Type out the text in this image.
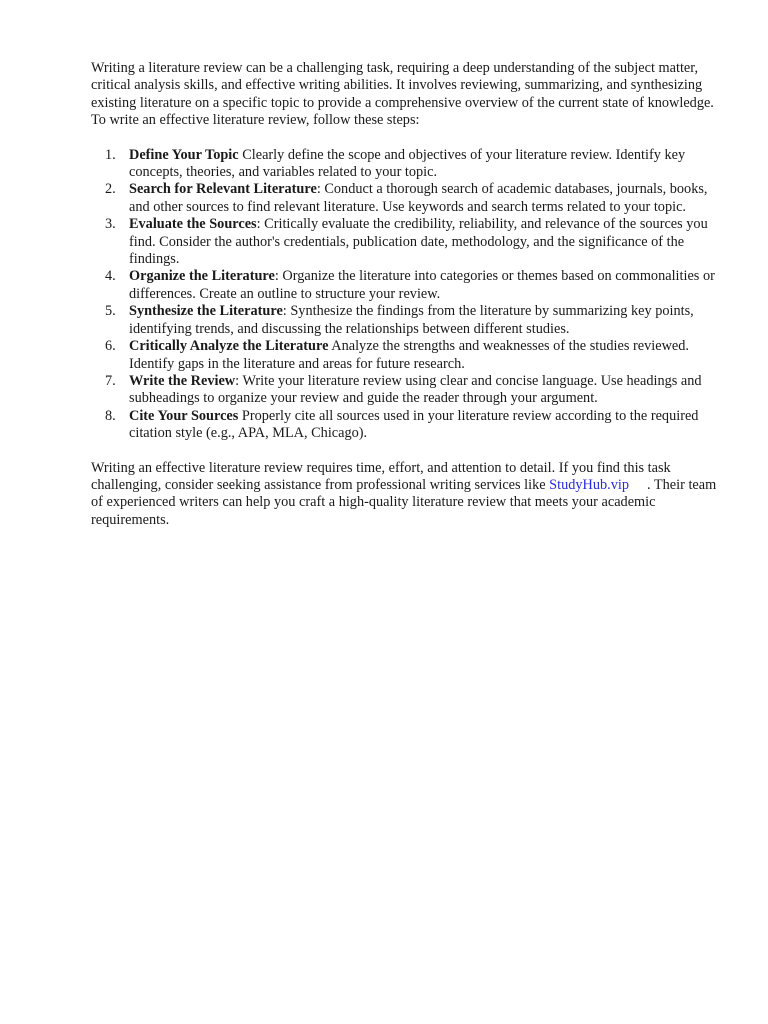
Writing a literature review can be a challenging task, requiring a deep understanding of the subject matter, critical analysis skills, and effective writing abilities. It involves reviewing, summarizing, and synthesizing existing literature on a specific topic to provide a comprehensive overview of the current state of knowledge. To write an effective literature review, follow these steps:

Define Your Topic Clearly define the scope and objectives of your literature review. Identify key concepts, theories, and variables related to your topic.
Search for Relevant Literature: Conduct a thorough search of academic databases, journals, books, and other sources to find relevant literature. Use keywords and search terms related to your topic.
Evaluate the Sources: Critically evaluate the credibility, reliability, and relevance of the sources you find. Consider the author's credentials, publication date, methodology, and the significance of the findings.
Organize the Literature: Organize the literature into categories or themes based on commonalities or differences. Create an outline to structure your review.
Synthesize the Literature: Synthesize the findings from the literature by summarizing key points, identifying trends, and discussing the relationships between different studies.
Critically Analyze the Literature Analyze the strengths and weaknesses of the studies reviewed. Identify gaps in the literature and areas for future research.
Write the Review: Write your literature review using clear and concise language. Use headings and subheadings to organize your review and guide the reader through your argument.
Cite Your Sources Properly cite all sources used in your literature review according to the required citation style (e.g., APA, MLA, Chicago).

Writing an effective literature review requires time, effort, and attention to detail. If you find this task challenging, consider seeking assistance from professional writing services like StudyHub.vip . Their team of experienced writers can help you craft a high-quality literature review that meets your academic requirements.
